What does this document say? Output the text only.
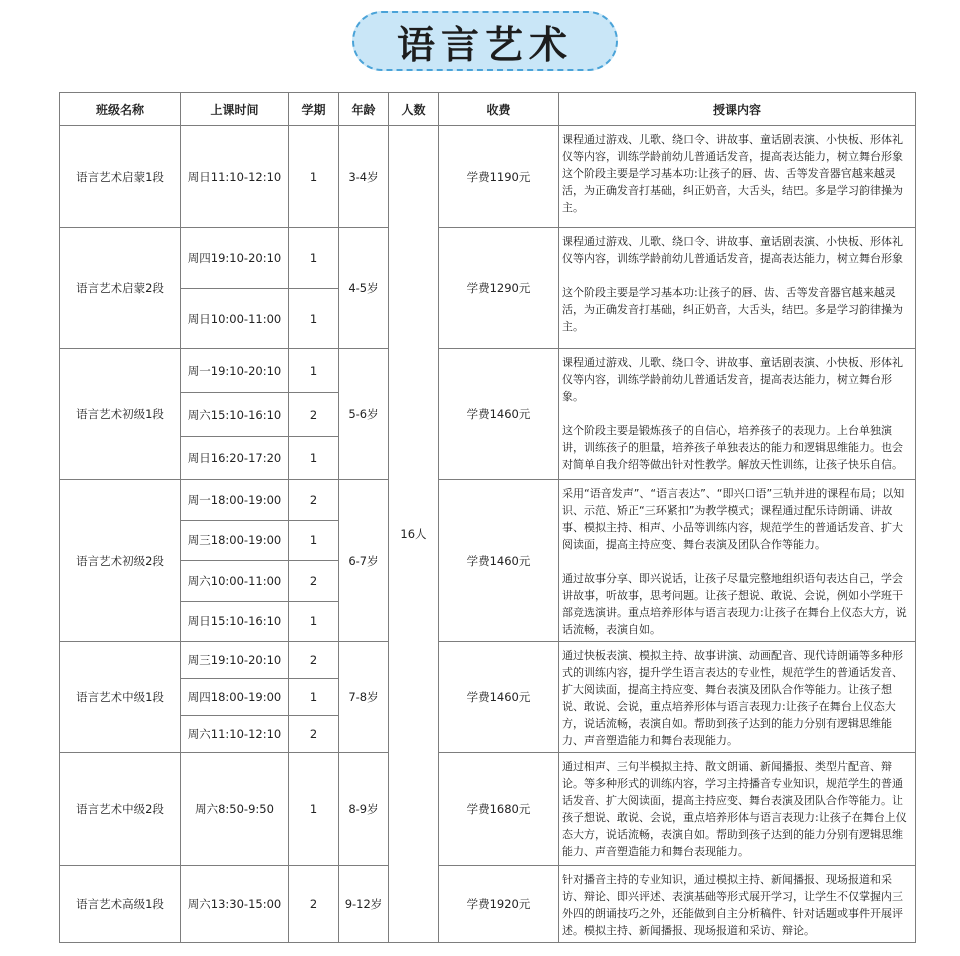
语言艺术
班级名称	上课时间	学期	年龄	人数	收费	授课内容
语言艺术启蒙1段	周日11:10-12:10	1	3-4岁	16人	学费1190元	课程通过游戏、儿歌、绕口令、讲故事、童话剧表演、小快板、形体礼仪等内容，训练学龄前幼儿普通话发音，提高表达能力，树立舞台形象这个阶段主要是学习基本功:让孩子的唇、齿、舌等发音器官越来越灵活，为正确发音打基础，纠正奶音，大舌头，结巴。多是学习韵律操为主。

语言艺术启蒙2段	周四19:10-20:10	1	4-5岁		学费1290元	课程通过游戏、儿歌、绕口令、讲故事、童话剧表演、小快板、形体礼仪等内容，训练学龄前幼儿普通话发音，提高表达能力，树立舞台形象
这个阶段主要是学习基本功:让孩子的唇、齿、舌等发音器官越来越灵活，为正确发音打基础，纠正奶音，大舌头，结巴。多是学习韵律操为主。

	周日10:00-11:00	1				
语言艺术初级1段	周一19:10-20:10	1	5-6岁		学费1460元	课程通过游戏、儿歌、绕口令、讲故事、童话剧表演、小快板、形体礼仪等内容，训练学龄前幼儿普通话发音，提高表达能力，树立舞台形象。
这个阶段主要是锻炼孩子的自信心，培养孩子的表现力。上台单独演讲，训练孩子的胆量，培养孩子单独表达的能力和逻辑思维能力。也会对简单自我介绍等做出针对性教学。解放天性训练，让孩子快乐自信。

	周六15:10-16:10	2				
	周日16:20-17:20	1				
语言艺术初级2段	周一18:00-19:00	2	6-7岁		学费1460元	采用“语音发声”、“语言表达”、“即兴口语”三轨并进的课程布局；以知识、示范、矫正“三环紧扣”为教学模式；课程通过配乐诗朗诵、讲故事、模拟主持、相声、小品等训练内容，规范学生的普通话发音、扩大阅读面，提高主持应变、舞台表演及团队合作等能力。
通过故事分享、即兴说话，让孩子尽量完整地组织语句表达自己，学会讲故事，听故事，思考问题。让孩子想说、敢说、会说，例如小学班干部竞选演讲。重点培养形体与语言表现力:让孩子在舞台上仪态大方，说话流畅，表演自如。

	周三18:00-19:00	1				
	周六10:00-11:00	2				
	周日15:10-16:10	1				
语言艺术中级1段	周三19:10-20:10	2	7-8岁		学费1460元	通过快板表演、模拟主持、故事讲演、动画配音、现代诗朗诵等多种形式的训练内容，提升学生语言表达的专业性，规范学生的普通话发音、扩大阅读面，提高主持应变、舞台表演及团队合作等能力。让孩子想说、敢说、会说，重点培养形体与语言表现力:让孩子在舞台上仪态大方，说话流畅，表演自如。帮助到孩子达到的能力分别有逻辑思维能力、声音塑造能力和舞台表现能力。

	周四18:00-19:00	1				
	周六11:10-12:10	2				
语言艺术中级2段	周六8:50-9:50	1	8-9岁		学费1680元	通过相声、三句半模拟主持、散文朗诵、新闻播报、类型片配音、辩论。等多种形式的训练内容，学习主持播音专业知识，规范学生的普通话发音、扩大阅读面，提高主持应变、舞台表演及团队合作等能力。让孩子想说、敢说、会说，重点培养形体与语言表现力:让孩子在舞台上仪态大方，说话流畅，表演自如。帮助到孩子达到的能力分别有逻辑思维能力、声音塑造能力和舞台表现能力。

语言艺术高级1段	周六13:30-15:00	2	9-12岁		学费1920元	针对播音主持的专业知识，通过模拟主持、新闻播报、现场报道和采访、辩论、即兴评述、表演基础等形式展开学习，让学生不仅掌握内三外四的朗诵技巧之外，还能做到自主分析稿件、针对话题或事件开展评述。模拟主持、新闻播报、现场报道和采访、辩论。
